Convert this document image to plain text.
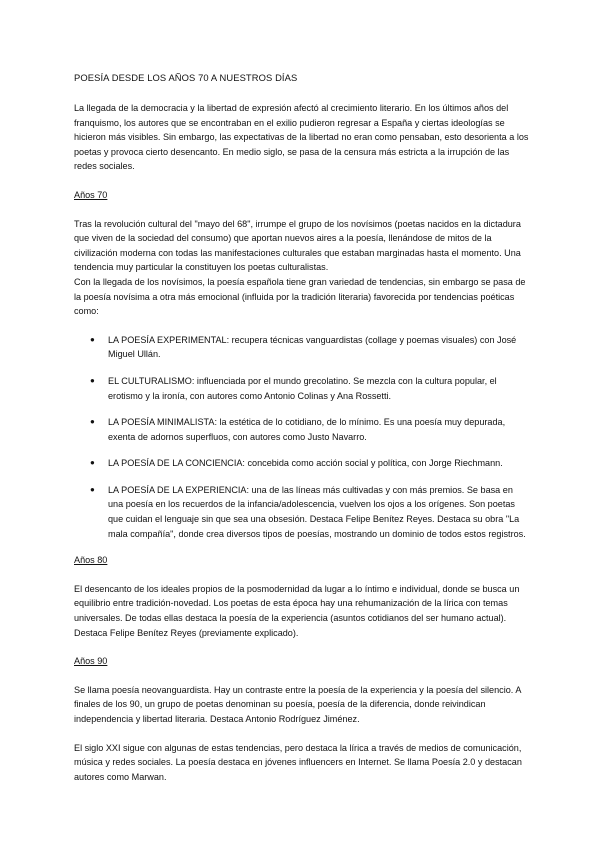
POESÍA DESDE LOS AÑOS 70 A NUESTROS DÍAS

La llegada de la democracia y la libertad de expresión afectó al crecimiento literario. En los últimos años del franquismo, los autores que se encontraban en el exilio pudieron regresar a España y ciertas ideologías se hicieron más visibles. Sin embargo, las expectativas de la libertad no eran como pensaban, esto desorienta a los poetas y provoca cierto desencanto. En medio siglo, se pasa de la censura más estricta a la irrupción de las redes sociales.

Años 70

Tras la revolución cultural del "mayo del 68", irrumpe el grupo de los novísimos (poetas nacidos en la dictadura que viven de la sociedad del consumo) que aportan nuevos aires a la poesía, llenándose de mitos de la civilización moderna con todas las manifestaciones culturales que estaban marginadas hasta el momento. Una tendencia muy particular la constituyen los poetas culturalistas.

Con la llegada de los novísimos, la poesía española tiene gran variedad de tendencias, sin embargo se pasa de la poesía novísima a otra más emocional (influida por la tradición literaria) favorecida por tendencias poéticas como:

● LA POESÍA EXPERIMENTAL: recupera técnicas vanguardistas (collage y poemas visuales) con José Miguel Ullán.
● EL CULTURALISMO: influenciada por el mundo grecolatino. Se mezcla con la cultura popular, el erotismo y la ironía, con autores como Antonio Colinas y Ana Rossetti.
● LA POESÍA MINIMALISTA: la estética de lo cotidiano, de lo mínimo. Es una poesía muy depurada, exenta de adornos superfluos, con autores como Justo Navarro.
● LA POESÍA DE LA CONCIENCIA: concebida como acción social y política, con Jorge Riechmann.
● LA POESÍA DE LA EXPERIENCIA: una de las líneas más cultivadas y con más premios. Se basa en una poesía en los recuerdos de la infancia/adolescencia, vuelven los ojos a los orígenes. Son poetas que cuidan el lenguaje sin que sea una obsesión. Destaca Felipe Benítez Reyes. Destaca su obra "La mala compañía", donde crea diversos tipos de poesías, mostrando un dominio de todos estos registros.
Años 80

El desencanto de los ideales propios de la posmodernidad da lugar a lo íntimo e individual, donde se busca un equilibrio entre tradición-novedad. Los poetas de esta época hay una rehumanización de la lírica con temas universales. De todas ellas destaca la poesía de la experiencia (asuntos cotidianos del ser humano actual). Destaca Felipe Benítez Reyes (previamente explicado).

Años 90

Se llama poesía neovanguardista. Hay un contraste entre la poesía de la experiencia y la poesía del silencio. A finales de los 90, un grupo de poetas denominan su poesía, poesía de la diferencia, donde reivindican independencia y libertad literaria. Destaca Antonio Rodríguez Jiménez.

El siglo XXI sigue con algunas de estas tendencias, pero destaca la lírica a través de medios de comunicación, música y redes sociales. La poesía destaca en jóvenes influencers en Internet. Se llama Poesía 2.0 y destacan autores como Marwan.
